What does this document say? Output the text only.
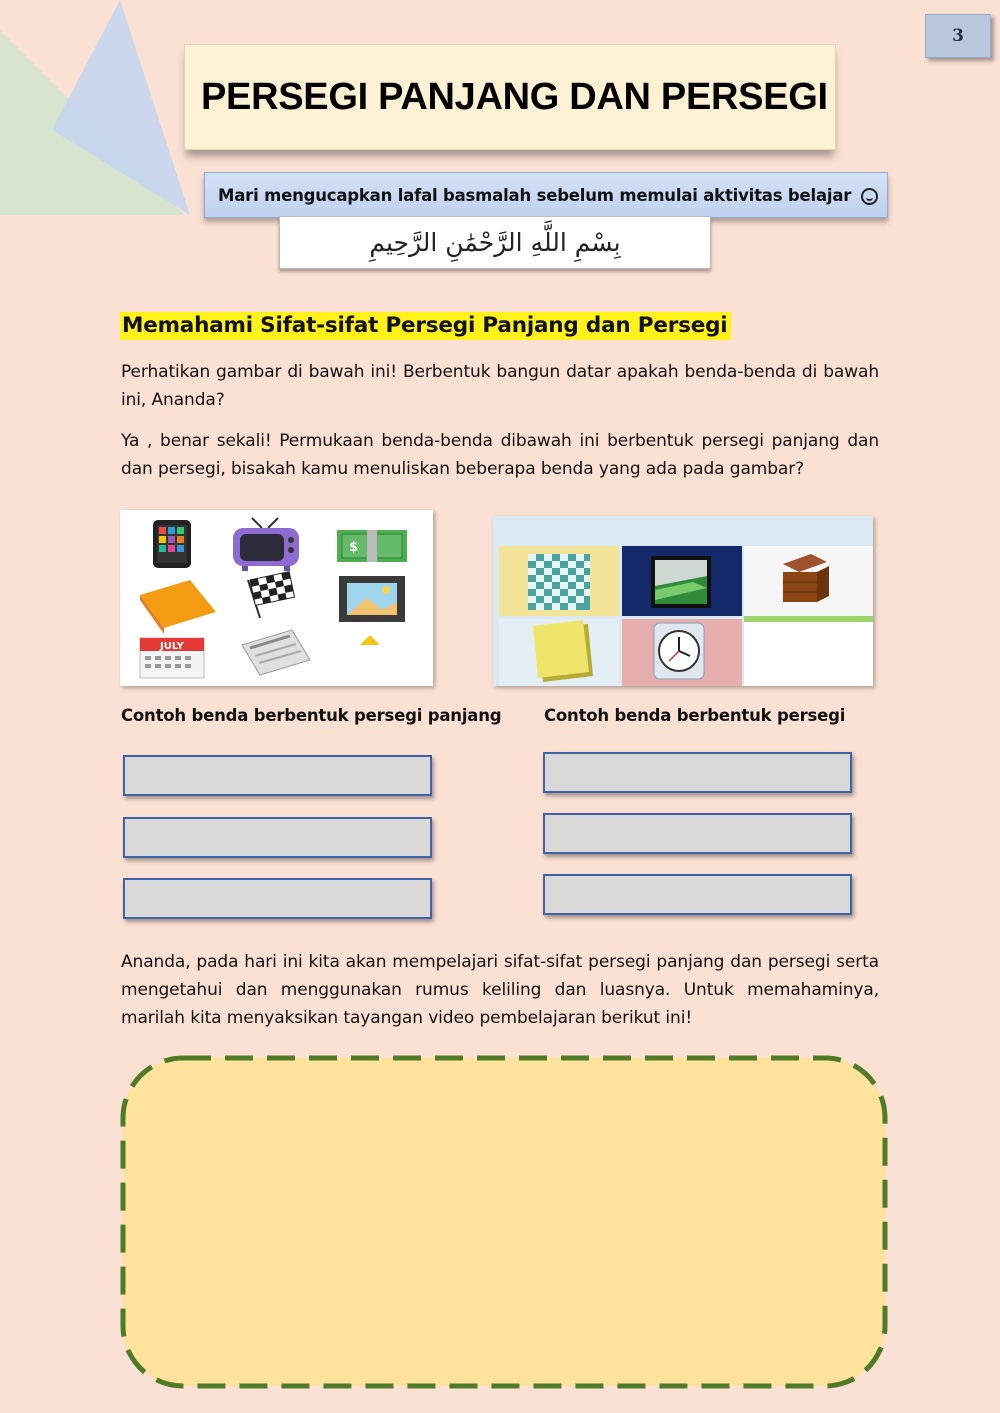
3
PERSEGI PANJANG DAN PERSEGI
Mari mengucapkan lafal basmalah sebelum memulai aktivitas belajar
بِسْمِ اللَّهِ الرَّحْمَٰنِ الرَّحِيمِ
Memahami Sifat-sifat Persegi Panjang dan Persegi
Perhatikan gambar di bawah ini! Berbentuk bangun datar apakah benda-benda di bawah ini, Ananda?
Ya , benar sekali! Permukaan benda-benda dibawah ini berbentuk persegi panjang dan dan persegi, bisakah kamu menuliskan beberapa benda yang ada pada gambar?
$
JULY
Contoh benda berbentuk persegi panjang	Contoh benda berbentuk persegi
Ananda, pada hari ini kita akan mempelajari sifat-sifat persegi panjang dan persegi serta mengetahui dan menggunakan rumus keliling dan luasnya. Untuk memahaminya, marilah kita menyaksikan tayangan video pembelajaran berikut ini!
